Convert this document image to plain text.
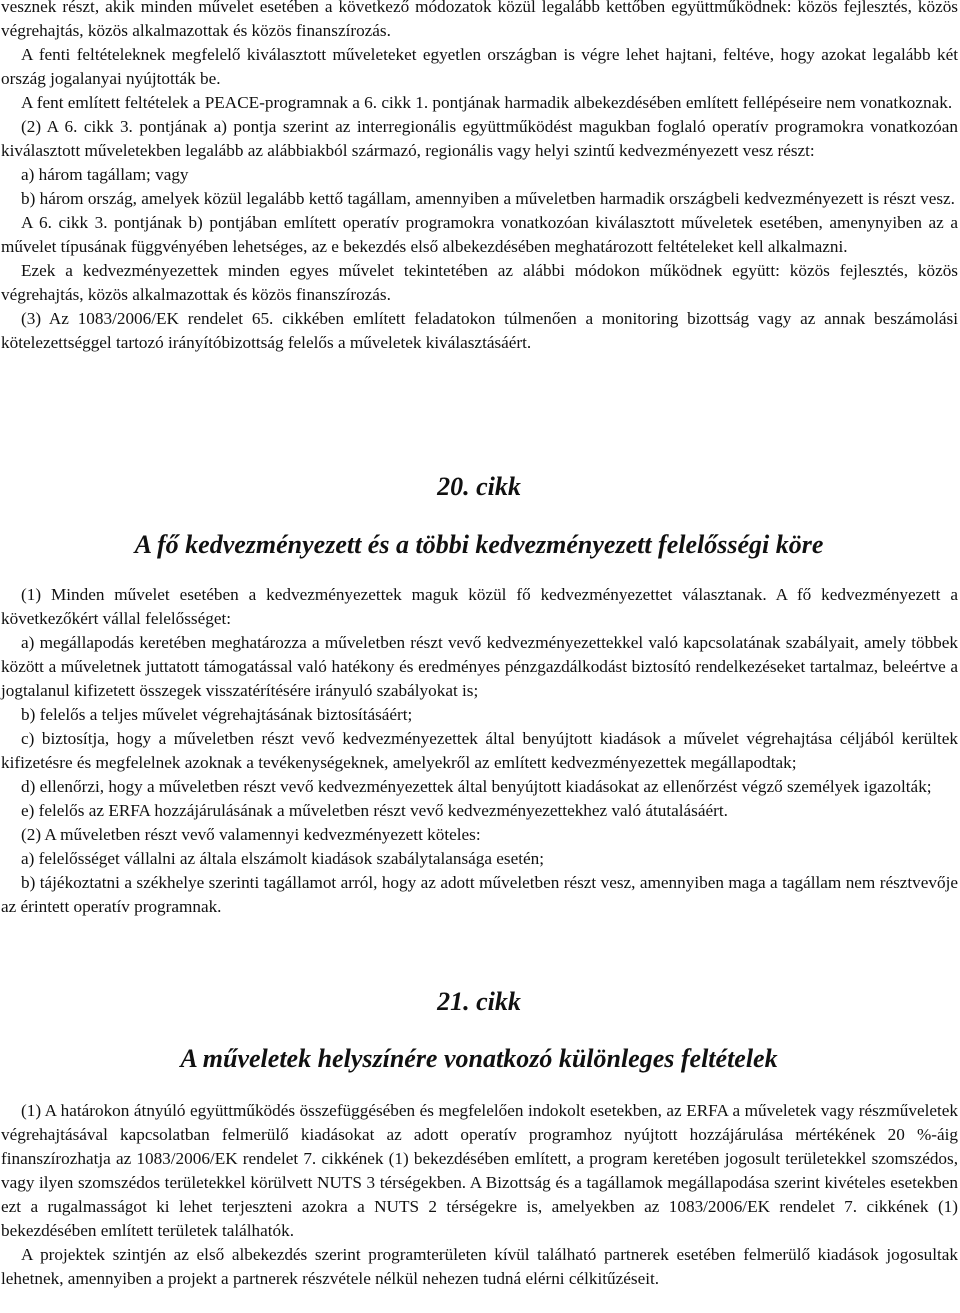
vesznek részt, akik minden művelet esetében a következő módozatok közül legalább kettőben együttműködnek: közös fejlesztés, közös végrehajtás, közös alkalmazottak és közös finanszírozás.

A fenti feltételeknek megfelelő kiválasztott műveleteket egyetlen országban is végre lehet hajtani, feltéve, hogy azokat legalább két ország jogalanyai nyújtották be.

A fent említett feltételek a PEACE-programnak a 6. cikk 1. pontjának harmadik albekezdésében említett fellépéseire nem vonatkoznak.

(2) A 6. cikk 3. pontjának a) pontja szerint az interregionális együttműködést magukban foglaló operatív programokra vonatkozóan kiválasztott műveletekben legalább az alábbiakból származó, regionális vagy helyi szintű kedvezményezett vesz részt:

a) három tagállam; vagy

b) három ország, amelyek közül legalább kettő tagállam, amennyiben a műveletben harmadik országbeli kedvezményezett is részt vesz.

A 6. cikk 3. pontjának b) pontjában említett operatív programokra vonatkozóan kiválasztott műveletek esetében, amenynyiben az a művelet típusának függvényében lehetséges, az e bekezdés első albekezdésében meghatározott feltételeket kell alkalmazni.

Ezek a kedvezményezettek minden egyes művelet tekintetében az alábbi módokon működnek együtt: közös fejlesztés, közös végrehajtás, közös alkalmazottak és közös finanszírozás.

(3) Az 1083/2006/EK rendelet 65. cikkében említett feladatokon túlmenően a monitoring bizottság vagy az annak beszámolási kötelezettséggel tartozó irányítóbizottság felelős a műveletek kiválasztásáért.

20. cikk
A fő kedvezményezett és a többi kedvezményezett felelősségi köre

(1) Minden művelet esetében a kedvezményezettek maguk közül fő kedvezményezettet választanak. A fő kedvezményezett a következőkért vállal felelősséget:

a) megállapodás keretében meghatározza a műveletben részt vevő kedvezményezettekkel való kapcsolatának szabályait, amely többek között a műveletnek juttatott támogatással való hatékony és eredményes pénzgazdálkodást biztosító rendelkezéseket tartalmaz, beleértve a jogtalanul kifizetett összegek visszatérítésére irányuló szabályokat is;

b) felelős a teljes művelet végrehajtásának biztosításáért;

c) biztosítja, hogy a műveletben részt vevő kedvezményezettek által benyújtott kiadások a művelet végrehajtása céljából kerültek kifizetésre és megfelelnek azoknak a tevékenységeknek, amelyekről az említett kedvezményezettek megállapodtak;

d) ellenőrzi, hogy a műveletben részt vevő kedvezményezettek által benyújtott kiadásokat az ellenőrzést végző személyek igazolták;

e) felelős az ERFA hozzájárulásának a műveletben részt vevő kedvezményezettekhez való átutalásáért.

(2) A műveletben részt vevő valamennyi kedvezményezett köteles:

a) felelősséget vállalni az általa elszámolt kiadások szabálytalansága esetén;

b) tájékoztatni a székhelye szerinti tagállamot arról, hogy az adott műveletben részt vesz, amennyiben maga a tagállam nem résztvevője az érintett operatív programnak.

21. cikk
A műveletek helyszínére vonatkozó különleges feltételek

(1) A határokon átnyúló együttműködés összefüggésében és megfelelően indokolt esetekben, az ERFA a műveletek vagy részműveletek végrehajtásával kapcsolatban felmerülő kiadásokat az adott operatív programhoz nyújtott hozzájárulása mértékének 20 %-áig finanszírozhatja az 1083/2006/EK rendelet 7. cikkének (1) bekezdésében említett, a program keretében jogosult területekkel szomszédos, vagy ilyen szomszédos területekkel körülvett NUTS 3 térségekben. A Bizottság és a tagállamok megállapodása szerint kivételes esetekben ezt a rugalmasságot ki lehet terjeszteni azokra a NUTS 2 térségekre is, amelyekben az 1083/2006/EK rendelet 7. cikkének (1) bekezdésében említett területek találhatók.

A projektek szintjén az első albekezdés szerint programterületen kívül található partnerek esetében felmerülő kiadások jogosultak lehetnek, amennyiben a projekt a partnerek részvétele nélkül nehezen tudná elérni célkitűzéseit.
